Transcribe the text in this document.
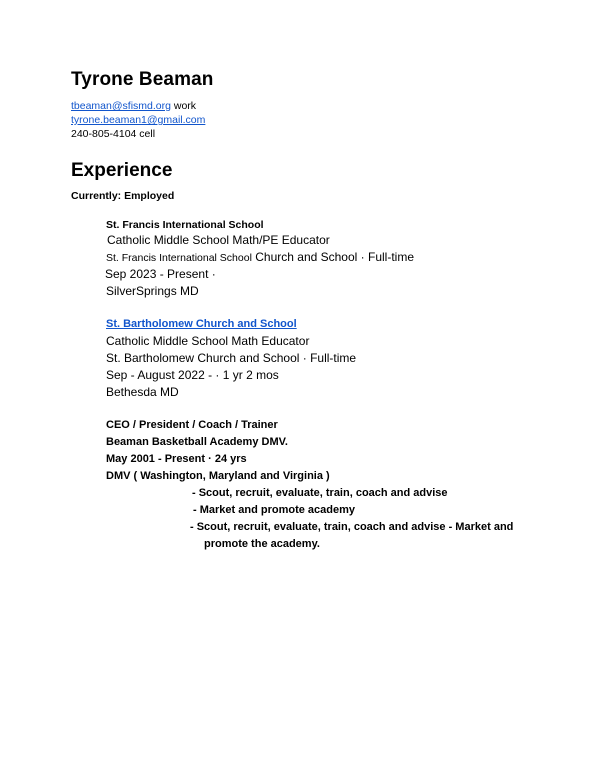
Tyrone Beaman
tbeaman@sfismd.org work
tyrone.beaman1@gmail.com
240-805-4104 cell
Experience
Currently: Employed
St. Francis International School
Catholic Middle School Math/PE Educator
St. Francis International School Church and School · Full-time
Sep 2023 - Present ·
SilverSprings MD
St. Bartholomew Church and School
Catholic Middle School Math Educator
St. Bartholomew Church and School · Full-time
Sep - August 2022 - · 1 yr 2 mos
Bethesda MD
CEO / President / Coach / Trainer
Beaman Basketball Academy DMV.
May 2001 - Present · 24 yrs
DMV ( Washington, Maryland and Virginia )
- Scout, recruit, evaluate, train, coach and advise
- Market and promote academy
- Scout, recruit, evaluate, train, coach and advise - Market and
promote the academy.
